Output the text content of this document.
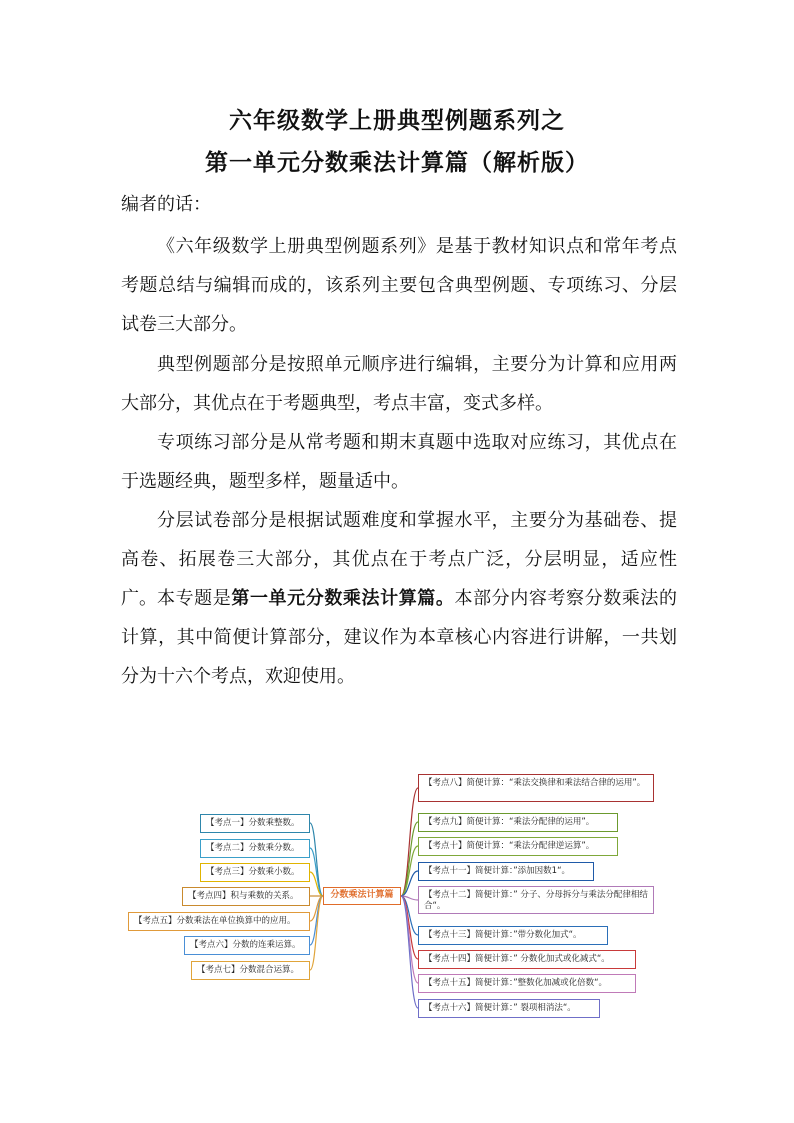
六年级数学上册典型例题系列之
第一单元分数乘法计算篇（解析版）

编者的话：

《六年级数学上册典型例题系列》是基于教材知识点和常年考点考题总结与编辑而成的，该系列主要包含典型例题、专项练习、分层试卷三大部分。

典型例题部分是按照单元顺序进行编辑，主要分为计算和应用两大部分，其优点在于考题典型，考点丰富，变式多样。

专项练习部分是从常考题和期末真题中选取对应练习，其优点在于选题经典，题型多样，题量适中。

分层试卷部分是根据试题难度和掌握水平，主要分为基础卷、提高卷、拓展卷三大部分，其优点在于考点广泛，分层明显，适应性广。 本专题是第一单元分数乘法计算篇。本部分内容考察分数乘法的计算，其中简便计算部分，建议作为本章核心内容进行讲解，一共划分为十六个考点，欢迎使用。

分数乘法计算篇
【考点一】分数乘整数。
【考点二】分数乘分数。
【考点三】分数乘小数。
【考点四】积与乘数的关系。
【考点五】分数乘法在单位换算中的应用。
【考点六】分数的连乘运算。
【考点七】分数混合运算。
【考点八】简便计算：“乘法交换律和乘法结合律的运用”。
【考点九】简便计算：“乘法分配律的运用”。
【考点十】简便计算：“乘法分配律逆运算”。
【考点十一】简便计算：”添加因数1“。
【考点十二】简便计算：” 分子、分母拆分与乘法分配律相结合“。
【考点十三】简便计算：”带分数化加式“。
【考点十四】简便计算：” 分数化加式或化减式“。
【考点十五】简便计算：”整数化加减或化倍数“。
【考点十六】简便计算：” 裂项相消法“。
